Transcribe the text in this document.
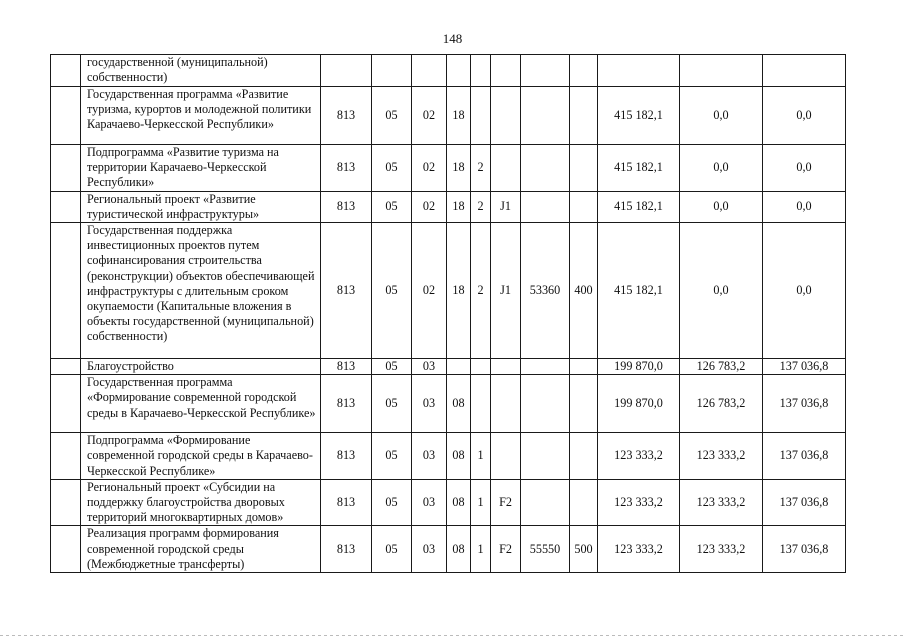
148
	государственной (муниципальной) собственности)											
	Государственная программа «Развитие туризма, курортов и молодежной политики Карачаево-Черкесской Республики»	813	05	02	18					415 182,1	0,0	0,0
	Подпрограмма «Развитие туризма на территории Карачаево-Черкесской Республики»	813	05	02	18	2				415 182,1	0,0	0,0
	Региональный проект «Развитие туристической инфраструктуры»	813	05	02	18	2	J1			415 182,1	0,0	0,0
	Государственная поддержка инвестиционных проектов путем софинансирования строительства (реконструкции) объектов обеспечивающей инфраструктуры с длительным сроком окупаемости (Капитальные вложения в объекты государственной (муниципальной) собственности)	813	05	02	18	2	J1	53360	400	415 182,1	0,0	0,0
	Благоустройство	813	05	03						199 870,0	126 783,2	137 036,8
	Государственная программа «Формирование современной городской среды в Карачаево-Черкесской Республике»	813	05	03	08					199 870,0	126 783,2	137 036,8
	Подпрограмма «Формирование современной городской среды в Карачаево-Черкесской Республике»	813	05	03	08	1				123 333,2	123 333,2	137 036,8
	Региональный проект «Субсидии на поддержку благоустройства дворовых территорий многоквартирных домов»	813	05	03	08	1	F2			123 333,2	123 333,2	137 036,8
	Реализация программ формирования современной городской среды (Межбюджетные трансферты)	813	05	03	08	1	F2	55550	500	123 333,2	123 333,2	137 036,8
